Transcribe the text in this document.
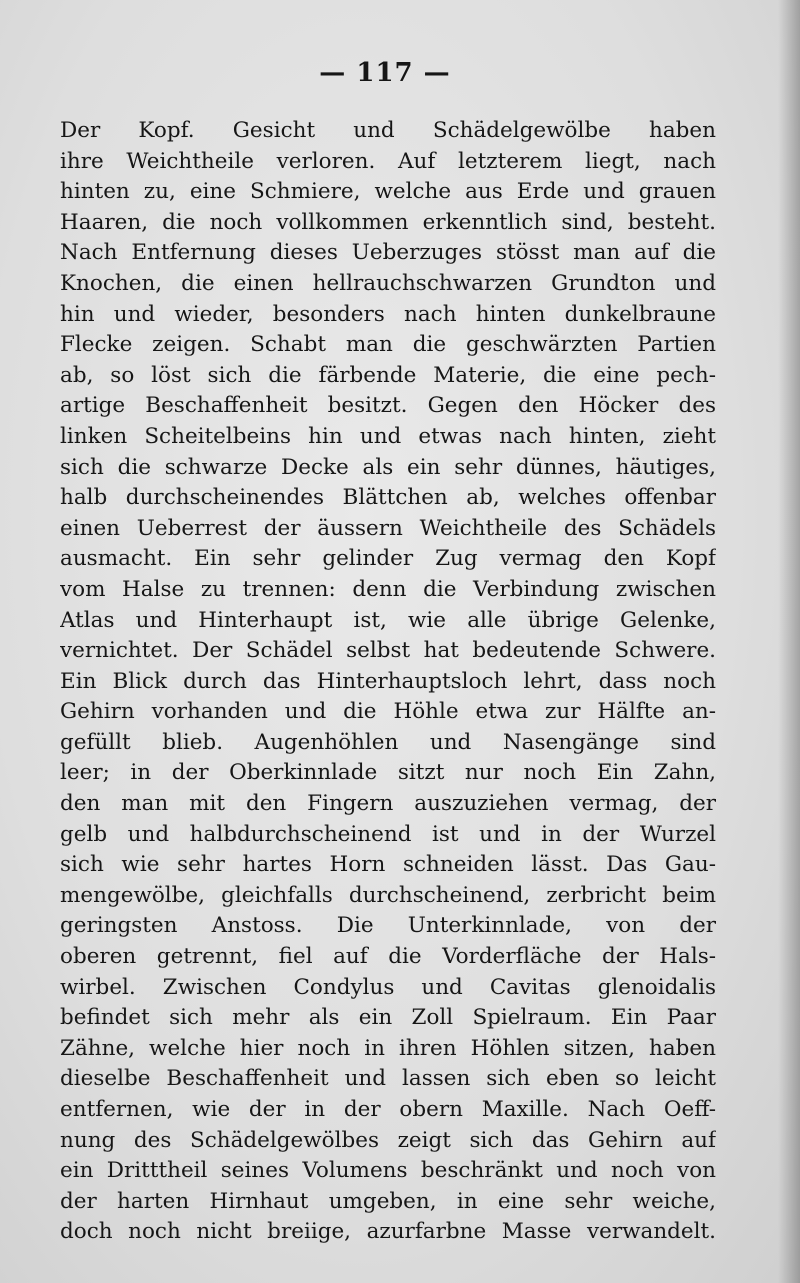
— 117 —
Der Kopf. Gesicht und Schädelgewölbe haben
ihre Weichtheile verloren. Auf letzterem liegt, nach
hinten zu, eine Schmiere, welche aus Erde und grauen
Haaren, die noch vollkommen erkenntlich sind, besteht.
Nach Entfernung dieses Ueberzuges stösst man auf die
Knochen, die einen hellrauchschwarzen Grundton und
hin und wieder, besonders nach hinten dunkelbraune
Flecke zeigen. Schabt man die geschwärzten Partien
ab, so löst sich die färbende Materie, die eine pech-
artige Beschaffenheit besitzt. Gegen den Höcker des
linken Scheitelbeins hin und etwas nach hinten, zieht
sich die schwarze Decke als ein sehr dünnes, häutiges,
halb durchscheinendes Blättchen ab, welches offenbar
einen Ueberrest der äussern Weichtheile des Schädels
ausmacht. Ein sehr gelinder Zug vermag den Kopf
vom Halse zu trennen: denn die Verbindung zwischen
Atlas und Hinterhaupt ist, wie alle übrige Gelenke,
vernichtet. Der Schädel selbst hat bedeutende Schwere.
Ein Blick durch das Hinterhauptsloch lehrt, dass noch
Gehirn vorhanden und die Höhle etwa zur Hälfte an-
gefüllt blieb. Augenhöhlen und Nasengänge sind
leer; in der Oberkinnlade sitzt nur noch Ein Zahn,
den man mit den Fingern auszuziehen vermag, der
gelb und halbdurchscheinend ist und in der Wurzel
sich wie sehr hartes Horn schneiden lässt. Das Gau-
mengewölbe, gleichfalls durchscheinend, zerbricht beim
geringsten Anstoss. Die Unterkinnlade, von der
oberen getrennt, fiel auf die Vorderfläche der Hals-
wirbel. Zwischen Condylus und Cavitas glenoidalis
befindet sich mehr als ein Zoll Spielraum. Ein Paar
Zähne, welche hier noch in ihren Höhlen sitzen, haben
dieselbe Beschaffenheit und lassen sich eben so leicht
entfernen, wie der in der obern Maxille. Nach Oeff-
nung des Schädelgewölbes zeigt sich das Gehirn auf
ein Dritttheil seines Volumens beschränkt und noch von
der harten Hirnhaut umgeben, in eine sehr weiche,
doch noch nicht breiige, azurfarbne Masse verwandelt.
